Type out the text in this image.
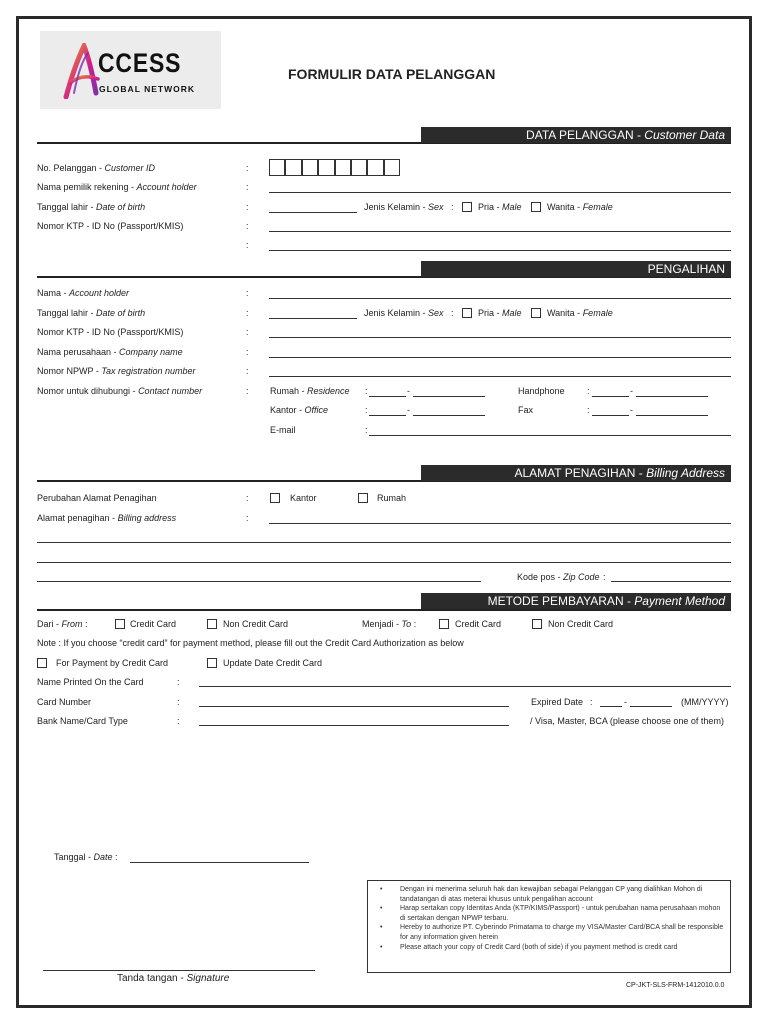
CCESS
GLOBAL NETWORK
FORMULIR DATA PELANGGAN
DATA PELANGGAN - Customer Data
No. Pelanggan - Customer ID	:
Nama pemilik rekening - Account holder	:
Tanggal lahir - Date of birth	:	Jenis Kelamin - Sex :	Pria - Male	Wanita - Female
Nomor KTP - ID No (Passport/KMIS)	:
:
PENGALIHAN
Nama - Account holder	:
Tanggal lahir - Date of birth	:	Jenis Kelamin - Sex :	Pria - Male	Wanita - Female
Nomor KTP - ID No (Passport/KMIS)	:
Nama perusahaan - Company name	:
Nomor NPWP - Tax registration number	:
Nomor untuk dihubungi - Contact number	: Rumah - Residence :	-	Handphone :	-
Kantor - Office	:	-	Fax	:	-
E-mail	:
ALAMAT PENAGIHAN - Billing Address
Perubahan Alamat Penagihan	:	Kantor	Rumah
Alamat penagihan - Billing address	:
Kode pos - Zip Code :
METODE PEMBAYARAN - Payment Method
Dari - From :	Credit Card	Non Credit Card	Menjadi - To :	Credit Card	Non Credit Card
Note : If you choose “credit card” for payment method, please fill out the Credit Card Authorization as below
For Payment by Credit Card	Update Date Credit Card
Name Printed On the Card	:
Card Number	:	Expired Date :	-	(MM/YYYY)
Bank Name/Card Type	:	/ Visa, Master, BCA (please choose one of them)
Tanggal - Date :
Tanda tangan - Signature
• Dengan ini menerima seluruh hak dan kewajiban sebagai Pelanggan CP yang dialihkan Mohon di tandatangan di atas meterai khusus untuk pengalihan account
• Harap sertakan copy Identitas Anda (KTP/KIMS/Passport) - untuk perubahan nama perusahaan mohon di sertakan dengan NPWP terbaru.
• Hereby to authorize PT. Cyberindo Primatama to charge my VISA/Master Card/BCA shall be responsible for any information given herein
• Please attach your copy of Credit Card (both of side) if you payment method is credit card
CP-JKT-SLS-FRM-1412010.0.0
